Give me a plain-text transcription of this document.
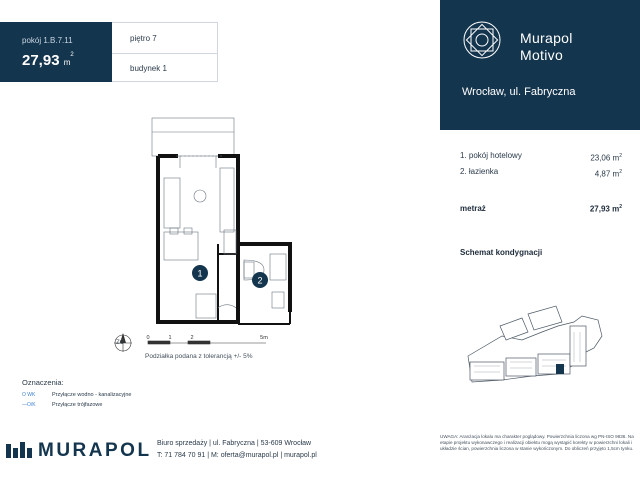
pokój 1.B.7.11
27,93 $m^2$
piętro 7
budynek 1
Murapol
Motivo
Wrocław, ul. Fabryczna
1. pokój hotelowy	23,06 $m^2$
2. łazienka	4,87 $m^2$
metraż	27,93 $m^2$
Schemat kondygnacji
1
2
0	1	2	5m
ZC
Podziałka podana z tolerancją +/- 5%
Oznaczenia:
O WK	Przyłącze wodno - kanalizacyjne
—O/K	Przyłącze trójfazowe
UWAGA: Aranżacja lokalu ma charakter poglądowy. Powierzchnia liczona wg PN-ISO 9836. Na etapie projektu wykonawczego i realizacji obiektu mogą wystąpić korekty w powierzchni lokali i układzie ścian, powierzchnia liczona w stanie wykończonym. Do obliczeń przyjęto 1,5cm tynku.
MURAPOL Biuro sprzedaży | ul. Fabryczna | 53-609 Wrocław
T: 71 784 70 91 | M: oferta@murapol.pl | murapol.pl
